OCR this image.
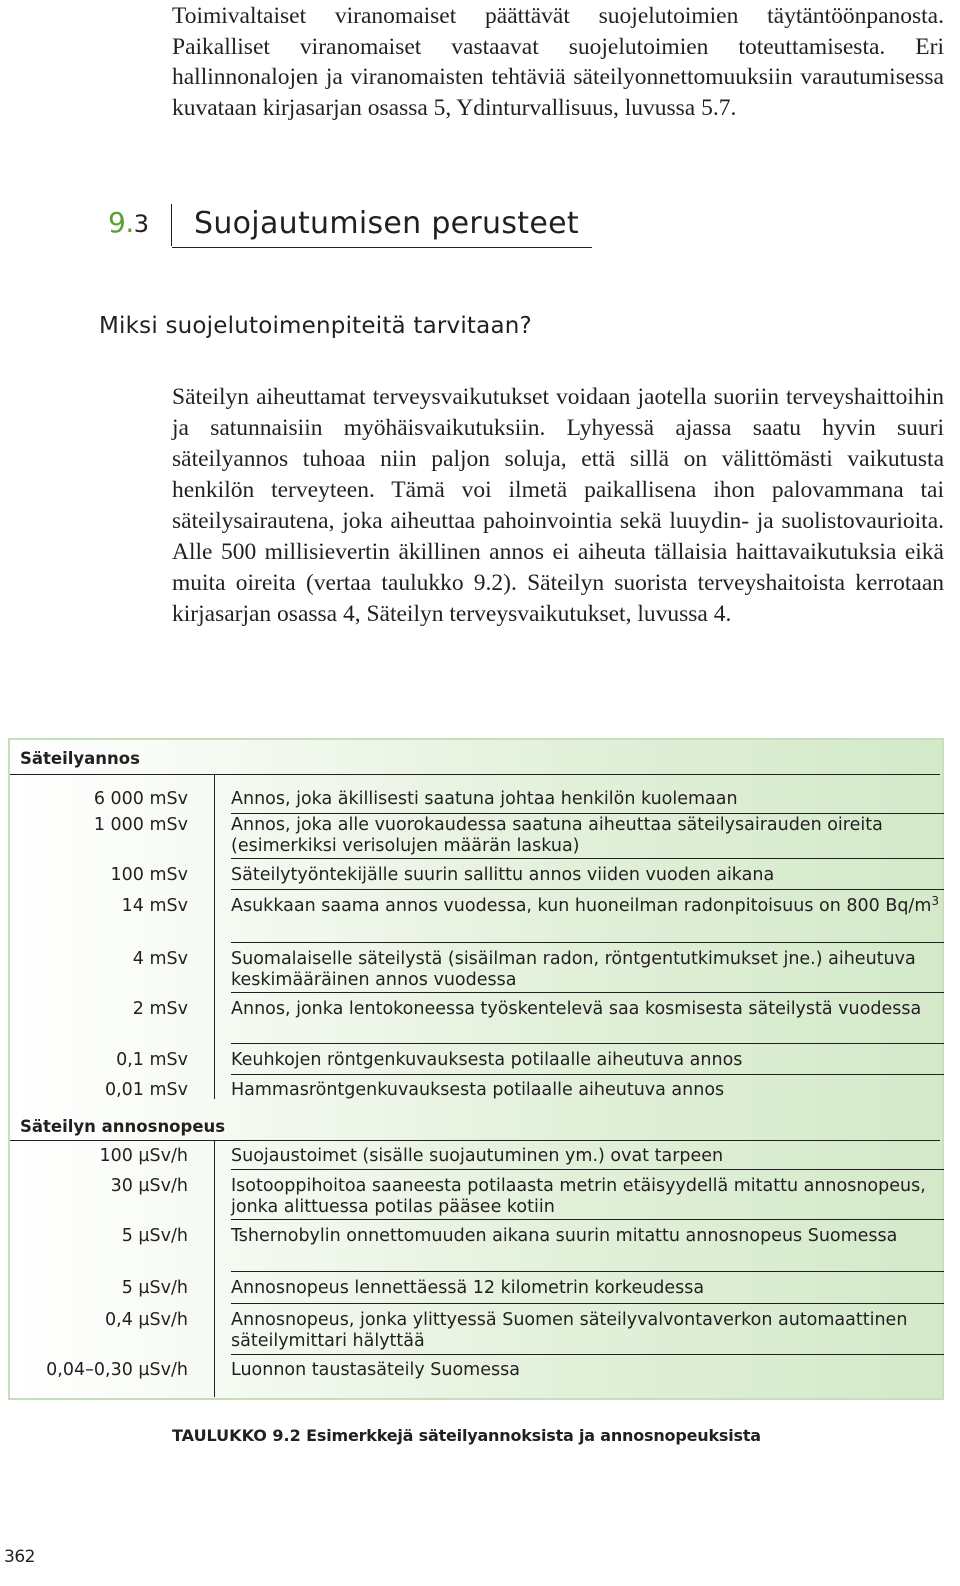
Toimivaltaiset viranomaiset päättävät suojelutoimien täytäntöönpanosta. Paikalliset viranomaiset vastaavat suojelutoimien toteuttamisesta. Eri hallinnonalojen ja viranomaisten tehtäviä säteilyonnettomuuksiin varautumisessa kuvataan kirjasarjan osassa 5, Ydinturvallisuus, luvussa 5.7.

9.3 Suojautumisen perusteet
Miksi suojelutoimenpiteitä tarvitaan?
Säteilyn aiheuttamat terveysvaikutukset voidaan jaotella suoriin terveyshaittoihin ja satunnaisiin myöhäisvaikutuksiin. Lyhyessä ajassa saatu hyvin suuri säteilyannos tuhoaa niin paljon soluja, että sillä on välittömästi vaikutusta henkilön terveyteen. Tämä voi ilmetä paikallisena ihon palovammana tai säteilysairautena, joka aiheuttaa pahoinvointia sekä luuydin- ja suolistovaurioita. Alle 500 millisievertin äkillinen annos ei aiheuta tällaisia haittavaikutuksia eikä muita oireita (vertaa taulukko 9.2). Säteilyn suorista terveyshaitoista kerrotaan kirjasarjan osassa 4, Säteilyn terveysvaikutukset, luvussa 4.
Säteilyannos
6 000 mSv Annos, joka äkillisesti saatuna johtaa henkilön kuolemaan
1 000 mSv Annos, joka alle vuorokaudessa saatuna aiheuttaa säteilysairauden oireita (esimerkiksi verisolujen määrän laskua)
100 mSv Säteilytyöntekijälle suurin sallittu annos viiden vuoden aikana
14 mSv Asukkaan saama annos vuodessa, kun huoneilman radonpitoisuus on 800 $Bq/m^3$
4 mSv Suomalaiselle säteilystä (sisäilman radon, röntgentutkimukset jne.) aiheutuva keskimääräinen annos vuodessa
2 mSv Annos, jonka lentokoneessa työskentelevä saa kosmisesta säteilystä vuodessa
0,1 mSv Keuhkojen röntgenkuvauksesta potilaalle aiheutuva annos
0,01 mSv Hammasröntgenkuvauksesta potilaalle aiheutuva annos
Säteilyn annosnopeus
100 µSv/h Suojaustoimet (sisälle suojautuminen ym.) ovat tarpeen
30 µSv/h Isotooppihoitoa saaneesta potilaasta metrin etäisyydellä mitattu annosnopeus, jonka alittuessa potilas pääsee kotiin
5 µSv/h Tshernobylin onnettomuuden aikana suurin mitattu annosnopeus Suomessa
5 µSv/h Annosnopeus lennettäessä 12 kilometrin korkeudessa
0,4 µSv/h Annosnopeus, jonka ylittyessä Suomen säteilyvalvontaverkon automaattinen säteilymittari hälyttää
0,04–0,30 µSv/h Luonnon taustasäteily Suomessa
TAULUKKO 9.2 Esimerkkejä säteilyannoksista ja annosnopeuksista
362
